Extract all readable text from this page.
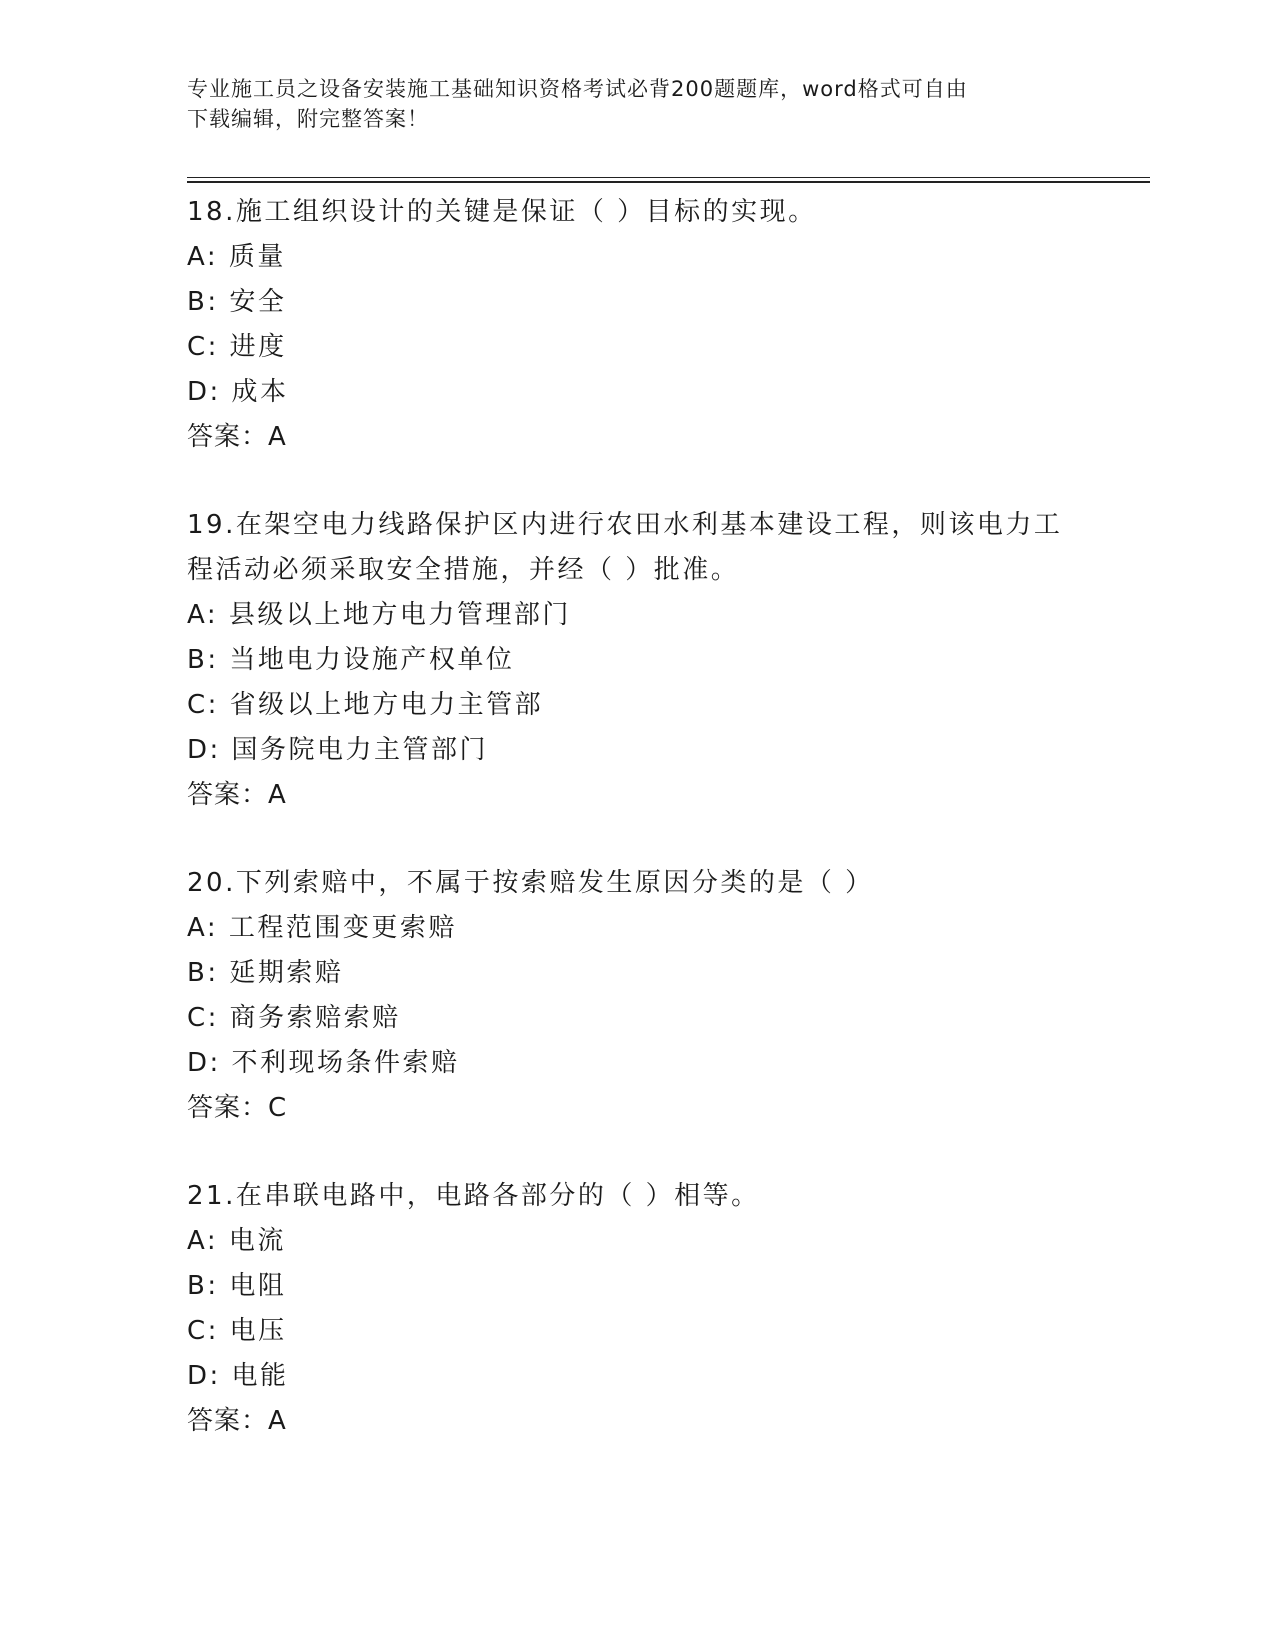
专业施工员之设备安装施工基础知识资格考试必背200题题库，word格式可自由
下载编辑，附完整答案！
18.施工组织设计的关键是保证（ ）目标的实现。
A: 质量
B: 安全
C: 进度
D: 成本
答案：A
19.在架空电力线路保护区内进行农田水利基本建设工程，则该电力工程活动必须采取安全措施，并经（ ）批准。
A: 县级以上地方电力管理部门
B: 当地电力设施产权单位
C: 省级以上地方电力主管部
D: 国务院电力主管部门
答案：A
20.下列索赔中，不属于按索赔发生原因分类的是（ ）
A: 工程范围变更索赔
B: 延期索赔
C: 商务索赔索赔
D: 不利现场条件索赔
答案：C
21.在串联电路中，电路各部分的（ ）相等。
A: 电流
B: 电阻
C: 电压
D: 电能
答案：A
